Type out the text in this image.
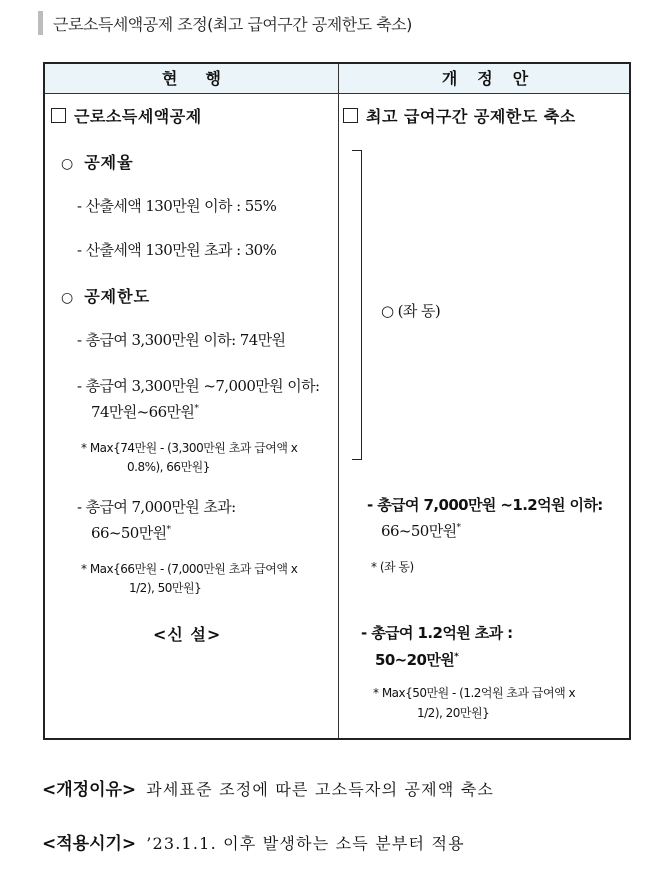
근로소득세액공제 조정(최고 급여구간 공제한도 축소)
현행	개정안
근로소득세액공제
○ 공제율
- 산출세액 130만원 이하 : 55%
- 산출세액 130만원 초과 : 30%
○ 공제한도
- 총급여 3,300만원 이하: 74만원
- 총급여 3,300만원 ~7,000만원 이하:
74만원~66만원*
* Max{74만원 - (3,300만원 초과 급여액 x
0.8%), 66만원}
- 총급여 7,000만원 초과:
66~50만원*
* Max{66만원 - (7,000만원 초과 급여액 x
1/2), 50만원}
<신 설>
최고 급여구간 공제한도 축소
○ (좌 동)
- 총급여 7,000만원 ~1.2억원 이하:
66~50만원*
* (좌 동)
- 총급여 1.2억원 초과 :
50~20만원*
* Max{50만원 - (1.2억원 초과 급여액 x
1/2), 20만원}
<개정이유> 과세표준 조정에 따른 고소득자의 공제액 축소
<적용시기> ’23.1.1. 이후 발생하는 소득 분부터 적용
